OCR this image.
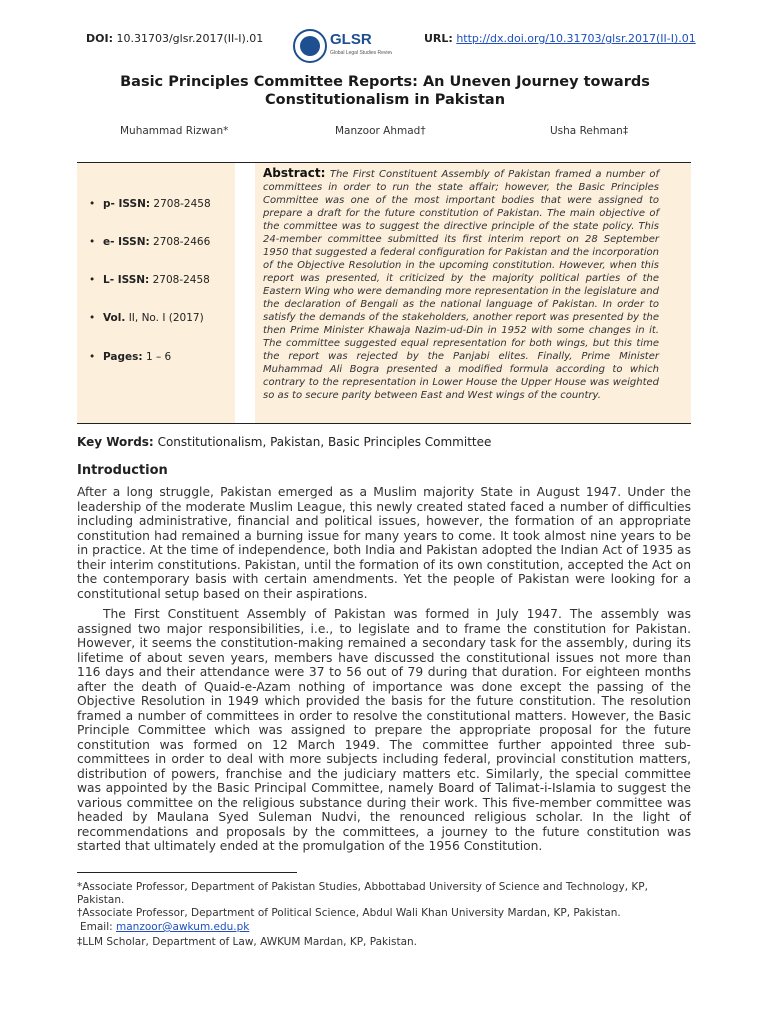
DOI: 10.31703/glsr.2017(II-I).01	GLSR
Global Legal Studies Review
URL: http://dx.doi.org/10.31703/glsr.2017(II-I).01
Basic Principles Committee Reports: An Uneven Journey towards Constitutionalism in Pakistan
Muhammad Rizwan*	Manzoor Ahmad†	Usha Rehman‡
• p- ISSN: 2708-2458
• e- ISSN: 2708-2466
• L- ISSN: 2708-2458
• Vol. II, No. I (2017)
• Pages: 1 – 6
Abstract: The First Constituent Assembly of Pakistan framed a number of committees in order to run the state affair; however, the Basic Principles Committee was one of the most important bodies that were assigned to prepare a draft for the future constitution of Pakistan. The main objective of the committee was to suggest the directive principle of the state policy. This 24-member committee submitted its first interim report on 28 September 1950 that suggested a federal configuration for Pakistan and the incorporation of the Objective Resolution in the upcoming constitution. However, when this report was presented, it criticized by the majority political parties of the Eastern Wing who were demanding more representation in the legislature and the declaration of Bengali as the national language of Pakistan. In order to satisfy the demands of the stakeholders, another report was presented by the then Prime Minister Khawaja Nazim-ud-Din in 1952 with some changes in it. The committee suggested equal representation for both wings, but this time the report was rejected by the Panjabi elites. Finally, Prime Minister Muhammad Ali Bogra presented a modified formula according to which contrary to the representation in Lower House the Upper House was weighted so as to secure parity between East and West wings of the country.
Key Words: Constitutionalism, Pakistan, Basic Principles Committee
Introduction
After a long struggle, Pakistan emerged as a Muslim majority State in August 1947. Under the leadership of the moderate Muslim League, this newly created stated faced a number of difficulties including administrative, financial and political issues, however, the formation of an appropriate constitution had remained a burning issue for many years to come. It took almost nine years to be in practice. At the time of independence, both India and Pakistan adopted the Indian Act of 1935 as their interim constitutions. Pakistan, until the formation of its own constitution, accepted the Act on the contemporary basis with certain amendments. Yet the people of Pakistan were looking for a constitutional setup based on their aspirations.
The First Constituent Assembly of Pakistan was formed in July 1947. The assembly was assigned two major responsibilities, i.e., to legislate and to frame the constitution for Pakistan. However, it seems the constitution-making remained a secondary task for the assembly, during its lifetime of about seven years, members have discussed the constitutional issues not more than 116 days and their attendance were 37 to 56 out of 79 during that duration. For eighteen months after the death of Quaid-e-Azam nothing of importance was done except the passing of the Objective Resolution in 1949 which provided the basis for the future constitution. The resolution framed a number of committees in order to resolve the constitutional matters. However, the Basic Principle Committee which was assigned to prepare the appropriate proposal for the future constitution was formed on 12 March 1949. The committee further appointed three sub-committees in order to deal with more subjects including federal, provincial constitution matters, distribution of powers, franchise and the judiciary matters etc. Similarly, the special committee was appointed by the Basic Principal Committee, namely Board of Talimat-i-Islamia to suggest the various committee on the religious substance during their work. This five-member committee was headed by Maulana Syed Suleman Nudvi, the renounced religious scholar. In the light of recommendations and proposals by the committees, a journey to the future constitution was started that ultimately ended at the promulgation of the 1956 Constitution.
*Associate Professor, Department of Pakistan Studies, Abbottabad University of Science and Technology, KP, Pakistan.
†Associate Professor, Department of Political Science, Abdul Wali Khan University Mardan, KP, Pakistan.
Email: manzoor@awkum.edu.pk
‡LLM Scholar, Department of Law, AWKUM Mardan, KP, Pakistan.
